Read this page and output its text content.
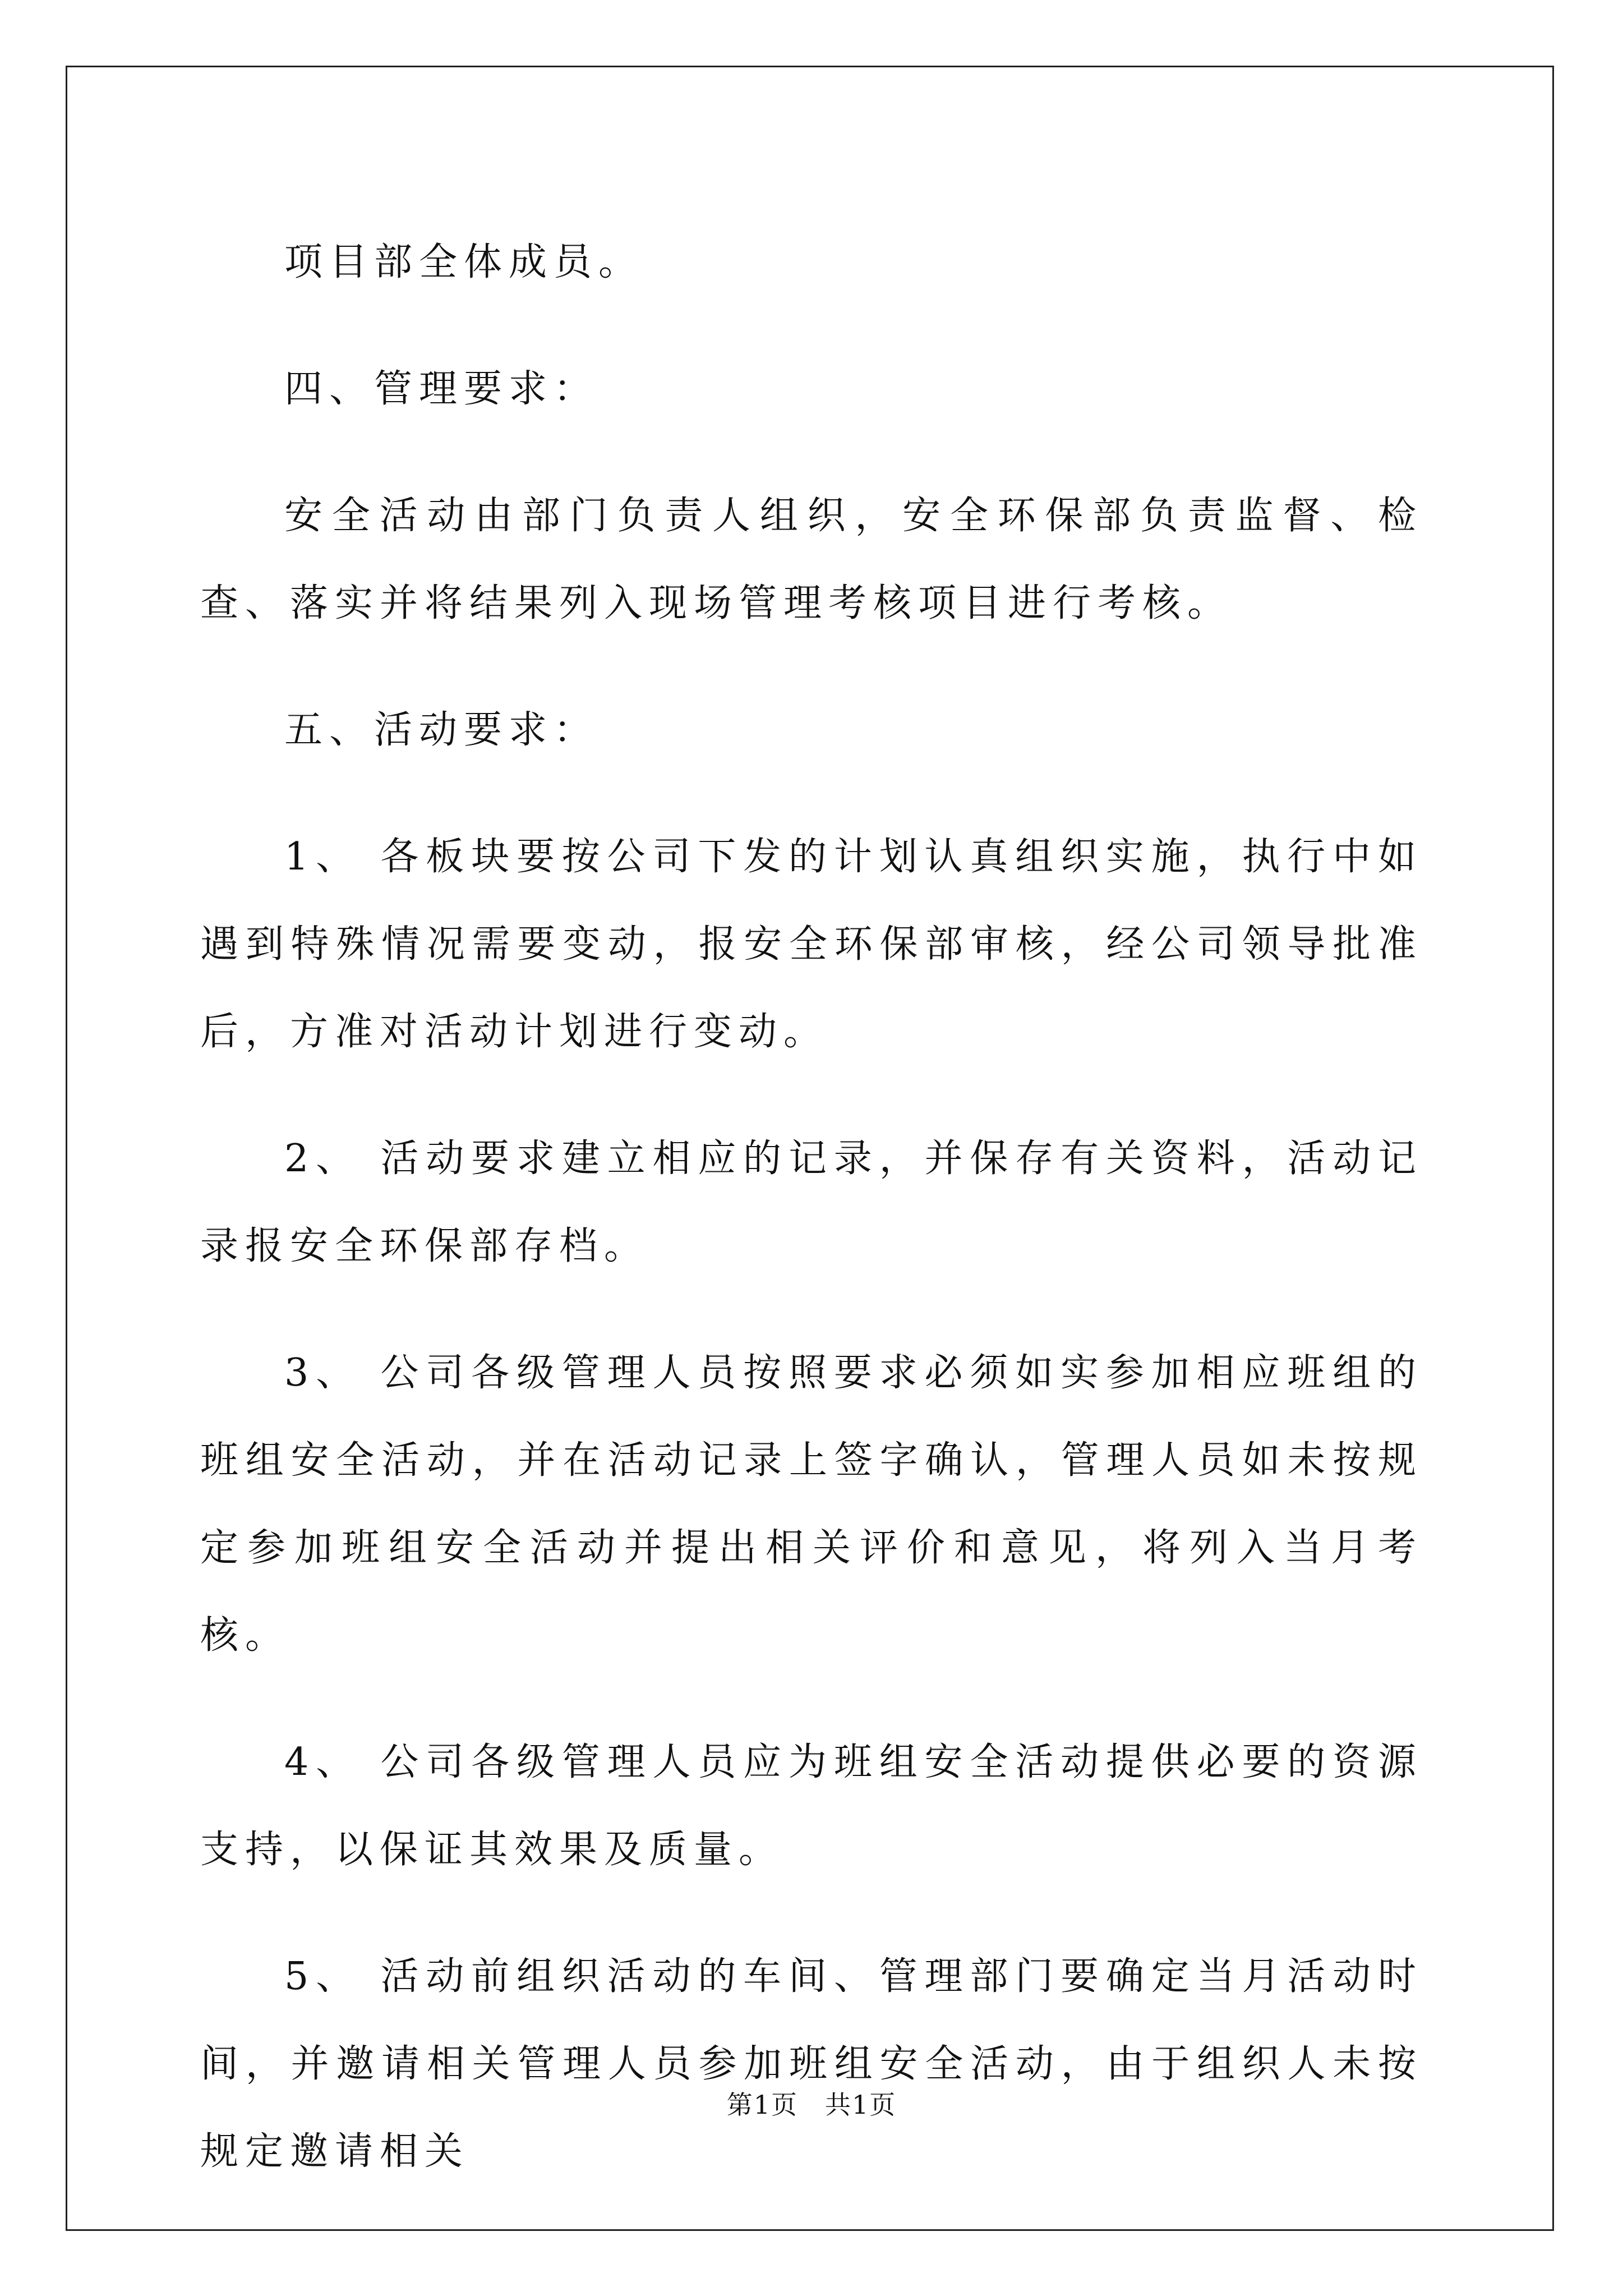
项目部全体成员。

四、管理要求：

安全活动由部门负责人组织，安全环保部负责监督、检查、落实并将结果列入现场管理考核项目进行考核。

五、活动要求：

1、 各板块要按公司下发的计划认真组织实施，执行中如遇到特殊情况需要变动，报安全环保部审核，经公司领导批准后，方准对活动计划进行变动。

2、 活动要求建立相应的记录，并保存有关资料，活动记录报安全环保部存档。

3、 公司各级管理人员按照要求必须如实参加相应班组的班组安全活动，并在活动记录上签字确认，管理人员如未按规定参加班组安全活动并提出相关评价和意见，将列入当月考核。

4、 公司各级管理人员应为班组安全活动提供必要的资源支持，以保证其效果及质量。

5、 活动前组织活动的车间、管理部门要确定当月活动时间，并邀请相关管理人员参加班组安全活动，由于组织人未按规定邀请相关

第1页　共1页
